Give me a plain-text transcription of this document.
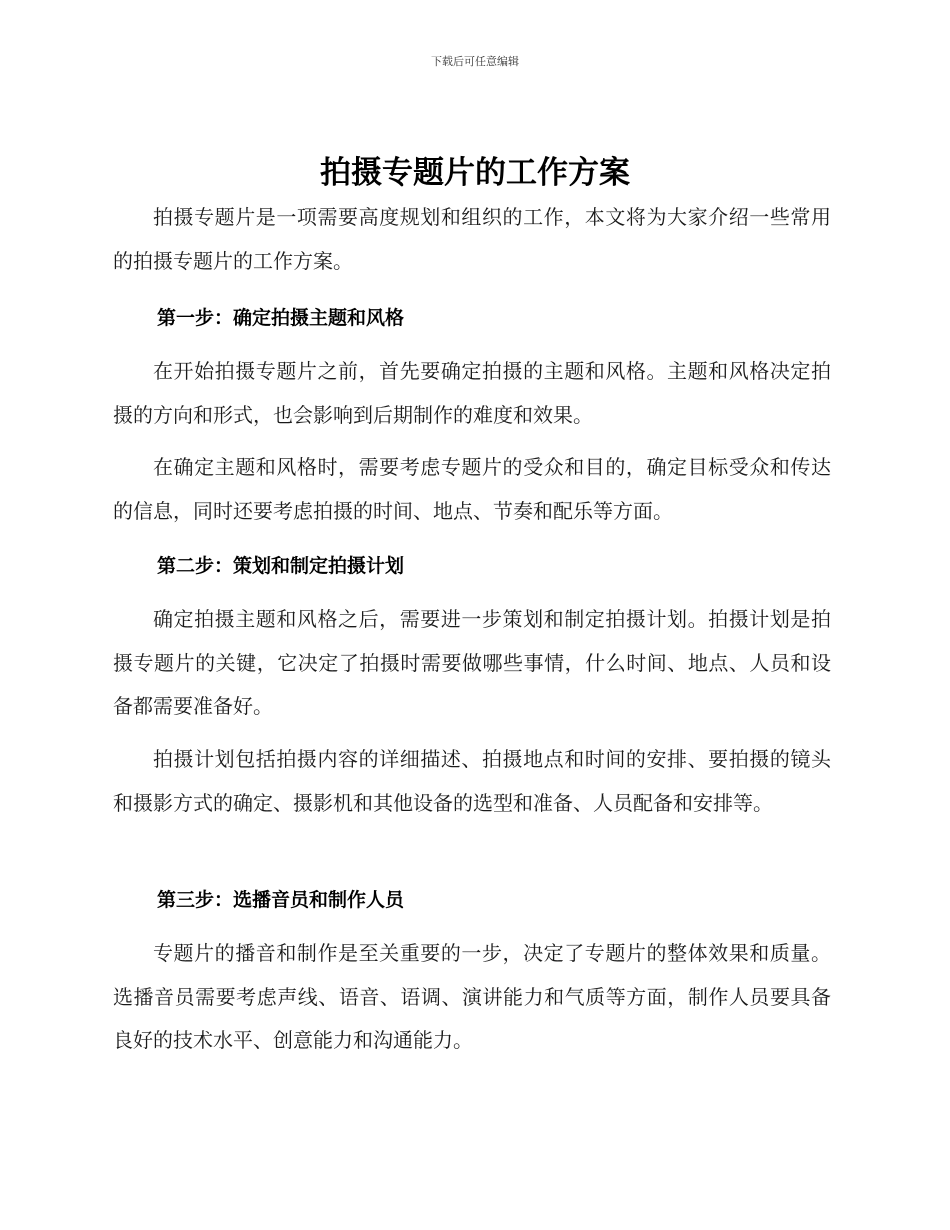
下载后可任意编辑
拍摄专题片的工作方案

拍摄专题片是一项需要高度规划和组织的工作，本文将为大家介绍一些常用的拍摄专题片的工作方案。

第一步：确定拍摄主题和风格

在开始拍摄专题片之前，首先要确定拍摄的主题和风格。主题和风格决定拍摄的方向和形式，也会影响到后期制作的难度和效果。

在确定主题和风格时，需要考虑专题片的受众和目的，确定目标受众和传达的信息，同时还要考虑拍摄的时间、地点、节奏和配乐等方面。

第二步：策划和制定拍摄计划

确定拍摄主题和风格之后，需要进一步策划和制定拍摄计划。拍摄计划是拍摄专题片的关键，它决定了拍摄时需要做哪些事情，什么时间、地点、人员和设备都需要准备好。

拍摄计划包括拍摄内容的详细描述、拍摄地点和时间的安排、要拍摄的镜头和摄影方式的确定、摄影机和其他设备的选型和准备、人员配备和安排等。

第三步：选播音员和制作人员

专题片的播音和制作是至关重要的一步，决定了专题片的整体效果和质量。选播音员需要考虑声线、语音、语调、演讲能力和气质等方面，制作人员要具备良好的技术水平、创意能力和沟通能力。
